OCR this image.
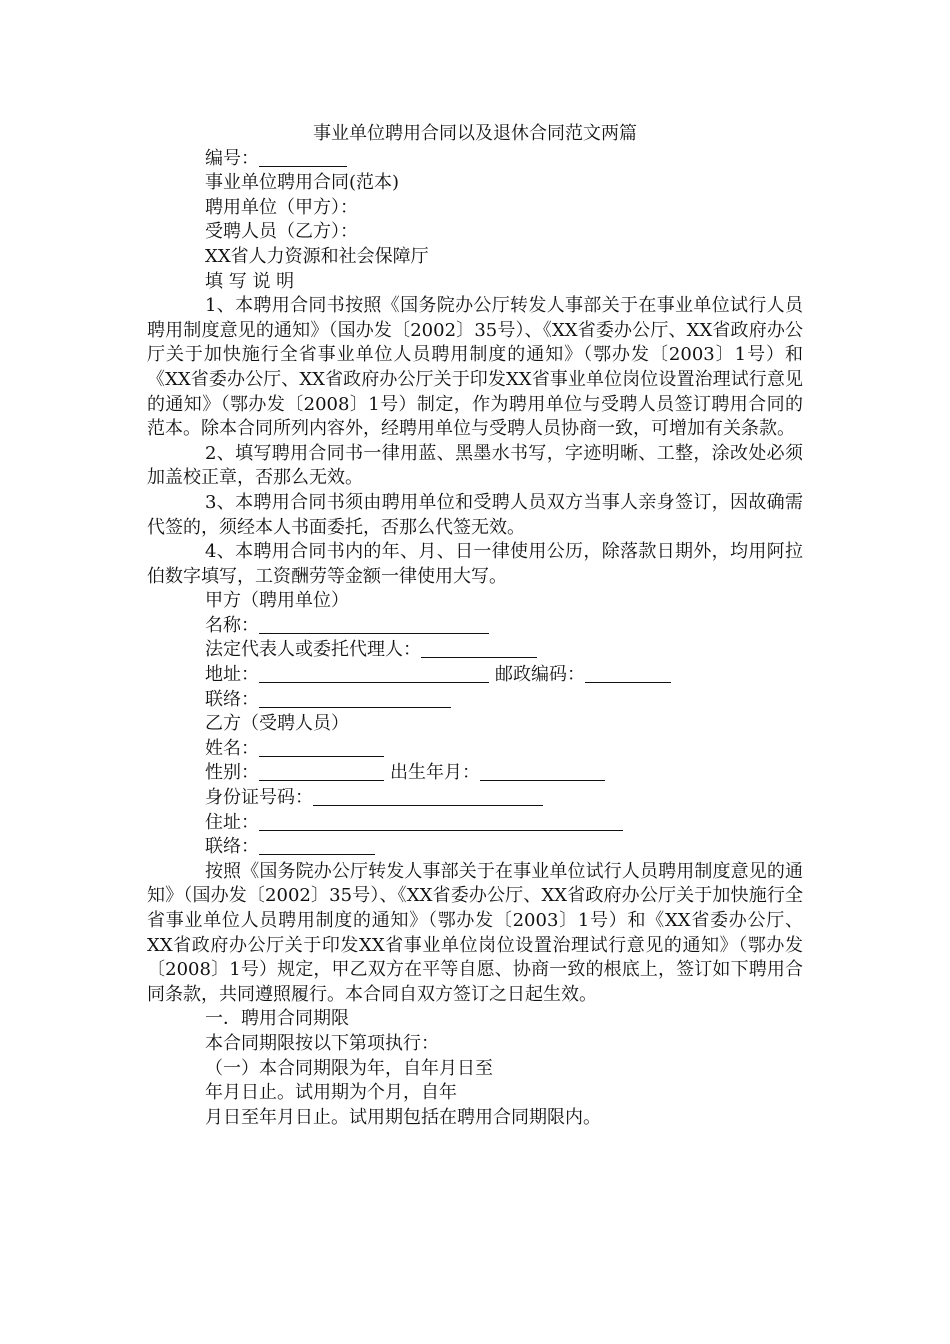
事业单位聘用合同以及退休合同范文两篇

编号：

事业单位聘用合同(范本)

聘用单位（甲方）：

受聘人员（乙方）：

XX省人力资源和社会保障厅

填 写 说 明

1、本聘用合同书按照《国务院办公厅转发人事部关于在事业单位试行人员聘用制度意见的通知》（国办发〔2002〕35号）、《XX省委办公厅、XX省政府办公厅关于加快施行全省事业单位人员聘用制度的通知》（鄂办发〔2003〕1号）和《XX省委办公厅、XX省政府办公厅关于印发XX省事业单位岗位设置治理试行意见的通知》（鄂办发〔2008〕1号）制定，作为聘用单位与受聘人员签订聘用合同的范本。除本合同所列内容外，经聘用单位与受聘人员协商一致，可增加有关条款。

2、填写聘用合同书一律用蓝、黑墨水书写，字迹明晰、工整，涂改处必须加盖校正章，否那么无效。

3、本聘用合同书须由聘用单位和受聘人员双方当事人亲身签订，因故确需代签的，须经本人书面委托，否那么代签无效。

4、本聘用合同书内的年、月、日一律使用公历，除落款日期外，均用阿拉伯数字填写，工资酬劳等金额一律使用大写。

甲方（聘用单位）

名称：

法定代表人或委托代理人：

地址：	邮政编码：

联络：

乙方（受聘人员）

姓名：

性别：	出生年月：

身份证号码：

住址：

联络：

按照《国务院办公厅转发人事部关于在事业单位试行人员聘用制度意见的通知》（国办发〔2002〕35号）、《XX省委办公厅、XX省政府办公厅关于加快施行全省事业单位人员聘用制度的通知》（鄂办发〔2003〕1号）和《XX省委办公厅、XX省政府办公厅关于印发XX省事业单位岗位设置治理试行意见的通知》（鄂办发〔2008〕1号）规定，甲乙双方在平等自愿、协商一致的根底上，签订如下聘用合同条款，共同遵照履行。本合同自双方签订之日起生效。

一．聘用合同期限

本合同期限按以下第项执行：

（一）本合同期限为年，自年月日至

年月日止。试用期为个月，自年

月日至年月日止。试用期包括在聘用合同期限内。
